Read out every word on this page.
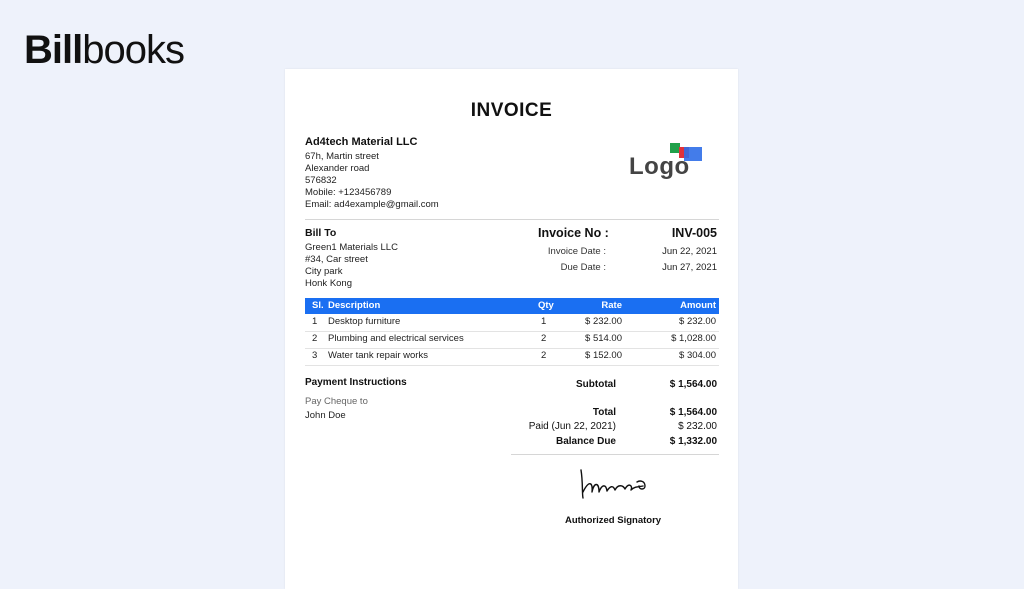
Billbooks
INVOICE
Ad4tech Material LLC
67h, Martin street
Alexander road
576832
Mobile: +123456789
Email: ad4example@gmail.com
Logo
Bill To
Green1 Materials LLC
#34, Car street
City park
Honk Kong
Invoice No :	INV-005
Invoice Date :	Jun 22, 2021
Due Date :	Jun 27, 2021
Sl. Description	Qty	Rate	Amount
1 Desktop furniture	1	$ 232.00	$ 232.00
2 Plumbing and electrical services	2	$ 514.00	$ 1,028.00
3 Water tank repair works	2	$ 152.00	$ 304.00
Payment Instructions
Pay Cheque to
John Doe
Subtotal	$ 1,564.00
Total	$ 1,564.00
Paid (Jun 22, 2021)	$ 232.00
Balance Due	$ 1,332.00
Authorized Signatory
